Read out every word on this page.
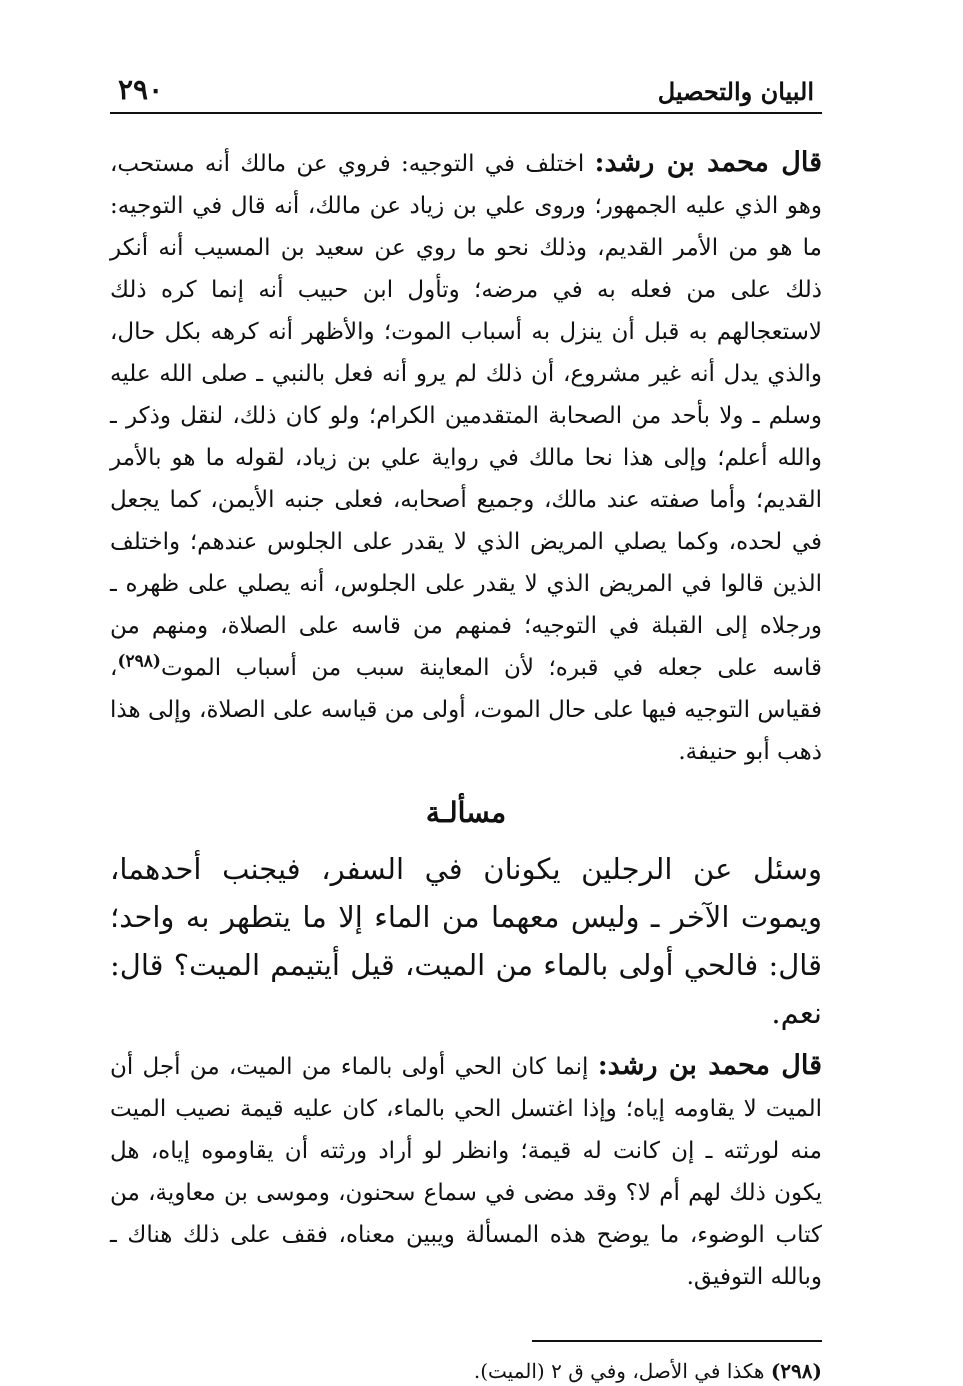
البيان والتحصيل
٢٩٠

قال محمد بن رشد: اختلف في التوجيه: فروي عن مالك أنه مستحب، وهو الذي عليه الجمهور؛ وروى علي بن زياد عن مالك، أنه قال في التوجيه: ما هو من الأمر القديم، وذلك نحو ما روي عن سعيد بن المسيب أنه أنكر ذلك على من فعله به في مرضه؛ وتأول ابن حبيب أنه إنما كره ذلك لاستعجالهم به قبل أن ينزل به أسباب الموت؛ والأظهر أنه كرهه بكل حال، والذي يدل أنه غير مشروع، أن ذلك لم يرو أنه فعل بالنبي ـ صلى الله عليه وسلم ـ ولا بأحد من الصحابة المتقدمين الكرام؛ ولو كان ذلك، لنقل وذكر ـ والله أعلم؛ وإلى هذا نحا مالك في رواية علي بن زياد، لقوله ما هو بالأمر القديم؛ وأما صفته عند مالك، وجميع أصحابه، فعلى جنبه الأيمن، كما يجعل في لحده، وكما يصلي المريض الذي لا يقدر على الجلوس عندهم؛ واختلف الذين قالوا في المريض الذي لا يقدر على الجلوس، أنه يصلي على ظهره ـ ورجلاه إلى القبلة في التوجيه؛ فمنهم من قاسه على الصلاة، ومنهم من قاسه على جعله في قبره؛ لأن المعاينة سبب من أسباب الموت$^{(٢٩٨)}$، فقياس التوجيه فيها على حال الموت، أولى من قياسه على الصلاة، وإلى هذا ذهب أبو حنيفة.

مسألـة

وسئل عن الرجلين يكونان في السفر، فيجنب أحدهما، ويموت الآخر ـ وليس معهما من الماء إلا ما يتطهر به واحد؛ قال: فالحي أولى بالماء من الميت، قيل أيتيمم الميت؟ قال: نعم.

قال محمد بن رشد: إنما كان الحي أولى بالماء من الميت، من أجل أن الميت لا يقاومه إياه؛ وإذا اغتسل الحي بالماء، كان عليه قيمة نصيب الميت منه لورثته ـ إن كانت له قيمة؛ وانظر لو أراد ورثته أن يقاوموه إياه، هل يكون ذلك لهم أم لا؟ وقد مضى في سماع سحنون، وموسى بن معاوية، من كتاب الوضوء، ما يوضح هذه المسألة ويبين معناه، فقف على ذلك هناك ـ وبالله التوفيق.

(٢٩٨) هكذا في الأصل، وفي ق ٢ (الميت).
